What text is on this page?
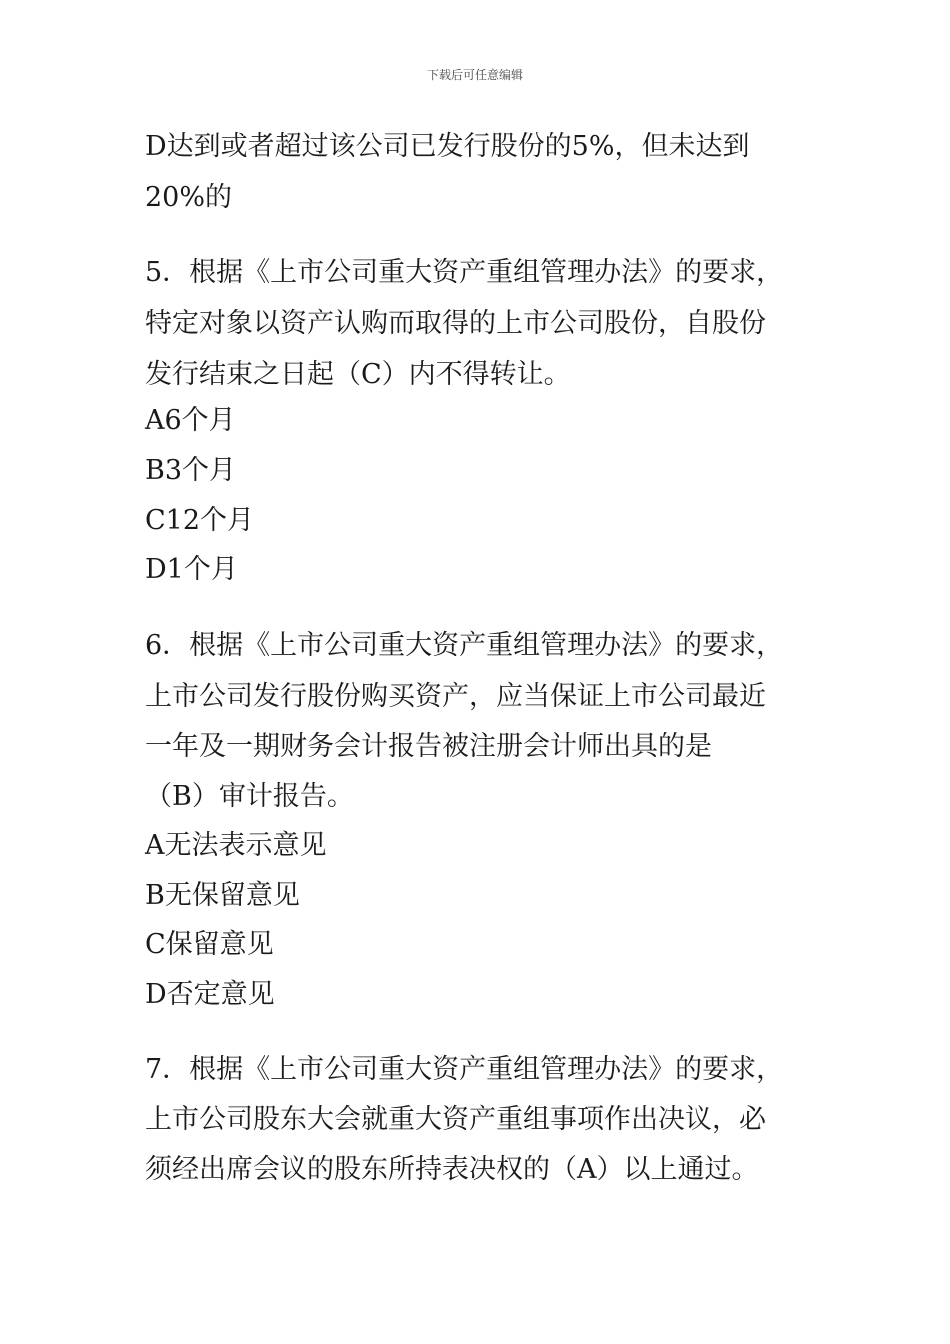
下载后可任意编辑
D达到或者超过该公司已发行股份的5%，但未达到
20%的
5．根据《上市公司重大资产重组管理办法》的要求，
特定对象以资产认购而取得的上市公司股份，自股份
发行结束之日起（C）内不得转让。
A6个月
B3个月
C12个月
D1个月
6．根据《上市公司重大资产重组管理办法》的要求，
上市公司发行股份购买资产，应当保证上市公司最近
一年及一期财务会计报告被注册会计师出具的是
（B）审计报告。
A无法表示意见
B无保留意见
C保留意见
D否定意见
7．根据《上市公司重大资产重组管理办法》的要求，
上市公司股东大会就重大资产重组事项作出决议，必
须经出席会议的股东所持表决权的（A）以上通过。
